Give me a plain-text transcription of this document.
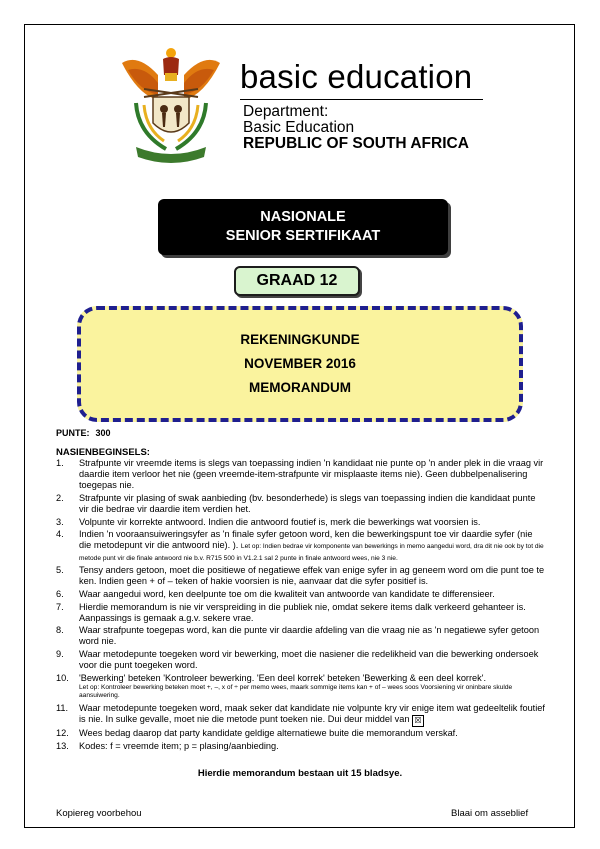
basic education
Department:
Basic Education
REPUBLIC OF SOUTH AFRICA
NASIONALE
SENIOR SERTIFIKAAT
GRAAD 12
REKENINGKUNDE
NOVEMBER 2016
MEMORANDUM
PUNTE: 300
NASIENBEGINSELS:
1. Strafpunte vir vreemde items is slegs van toepassing indien 'n kandidaat nie punte op 'n ander plek in die vraag vir daardie item verloor het nie (geen vreemde-item-strafpunte vir misplaaste items nie). Geen dubbelpenalisering toegepas nie.
2. Strafpunte vir plasing of swak aanbieding (bv. besonderhede) is slegs van toepassing indien die kandidaat punte vir die bedrae vir daardie item verdien het.
3. Volpunte vir korrekte antwoord. Indien die antwoord foutief is, merk die bewerkings wat voorsien is.
4. Indien 'n vooraansuiweringsyfer as 'n finale syfer getoon word, ken die bewerkingspunt toe vir daardie syfer (nie die metodepunt vir die antwoord nie). ). Let op: Indien bedrae vir komponente van bewerkings in memo aangedui word, dra dit nie ook by tot die metode punt vir die finale antwoord nie b.v. R715 500 in V1.2.1 sal 2 punte in finale antwoord wees, nie 3 nie.
5. Tensy anders getoon, moet die positiewe of negatiewe effek van enige syfer in ag geneem word om die punt toe te ken. Indien geen + of – teken of hakie voorsien is nie, aanvaar dat die syfer positief is.
6. Waar aangedui word, ken deelpunte toe om die kwaliteit van antwoorde van kandidate te differensieer.
7. Hierdie memorandum is nie vir verspreiding in die publiek nie, omdat sekere items dalk verkeerd gehanteer is. Aanpassings is gemaak a.g.v. sekere vrae.
8. Waar strafpunte toegepas word, kan die punte vir daardie afdeling van die vraag nie as 'n negatiewe syfer getoon word nie.
9. Waar metodepunte toegeken word vir bewerking, moet die nasiener die redelikheid van die bewerking ondersoek voor die punt toegeken word.
10. 'Bewerking' beteken 'Kontroleer bewerking. 'Een deel korrek' beteken 'Bewerking & een deel korrek'.
Let op: Kontroleer bewerking beteken moet +, –, x of ÷ per memo wees, maark sommige items kan + of – wees soos Voorsiening vir oninbare skulde aansuiwering.
11. Waar metodepunte toegeken word, maak seker dat kandidate nie volpunte kry vir enige item wat gedeeltelik foutief is nie. In sulke gevalle, moet nie die metode punt toeken nie. Dui deur middel van ☒
12. Wees bedag daarop dat party kandidate geldige alternatiewe buite die memorandum verskaf.
13. Kodes: f = vreemde item; p = plasing/aanbieding.
Hierdie memorandum bestaan uit 15 bladsye.
Kopiereg voorbehou	Blaai om asseblief
